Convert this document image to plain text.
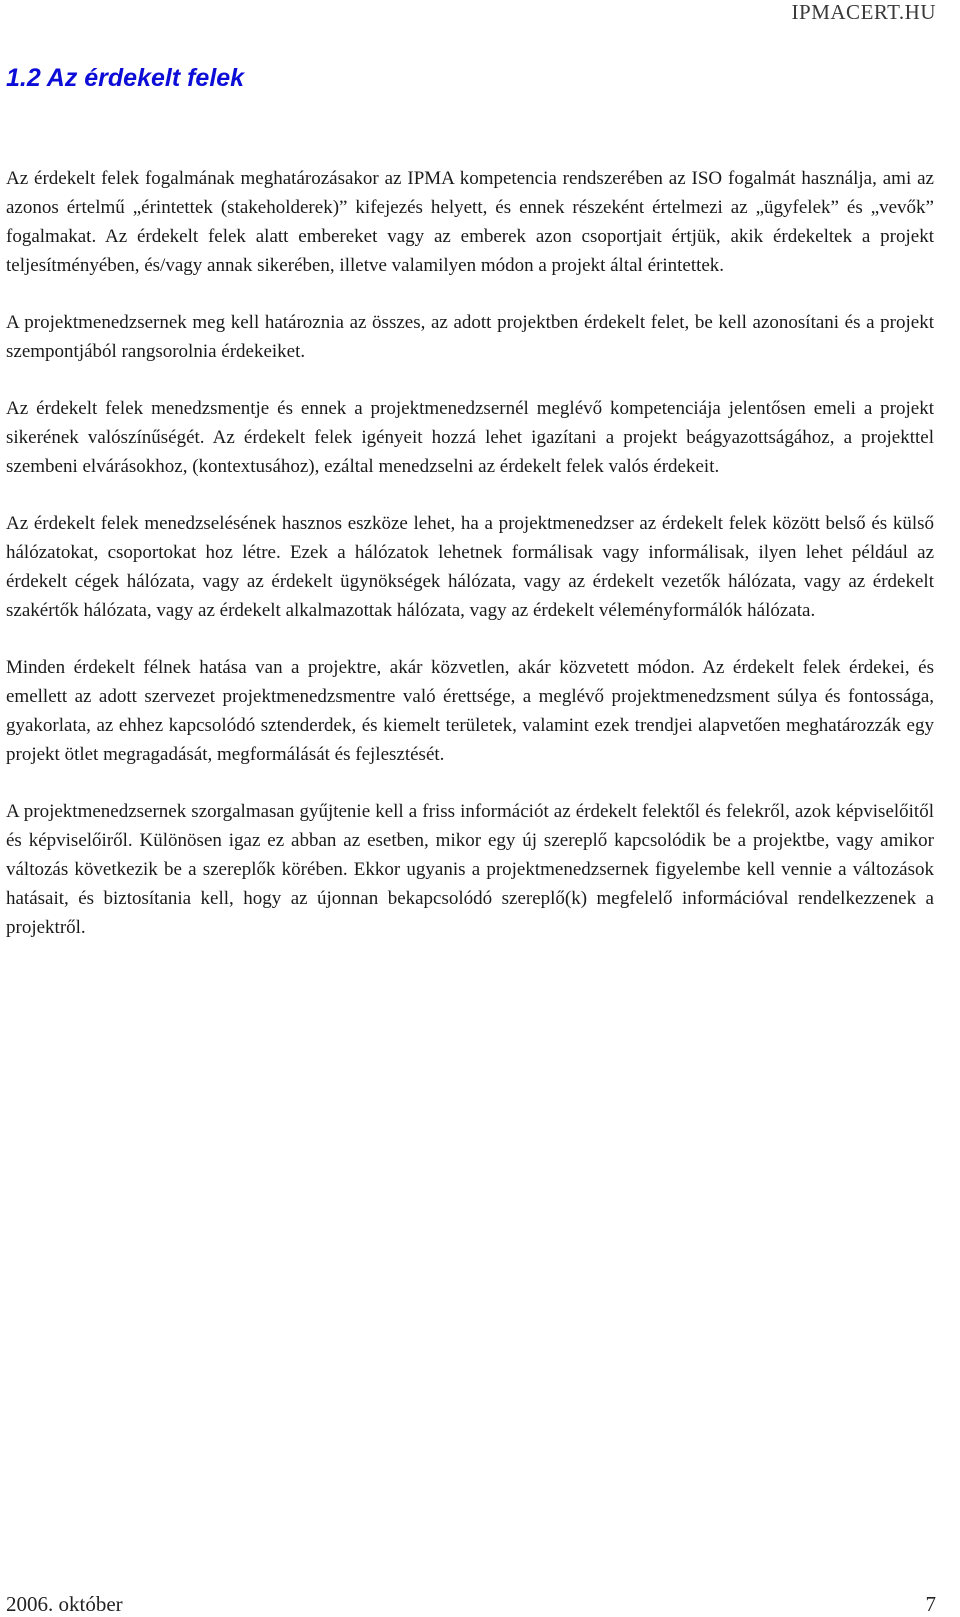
IPMACERT.HU
1.2 Az érdekelt felek

Az érdekelt felek fogalmának meghatározásakor az IPMA kompetencia rendszerében az ISO fogalmát használja, ami az azonos értelmű „érintettek (stakeholderek)” kifejezés helyett, és ennek részeként értelmezi az „ügyfelek” és „vevők” fogalmakat. Az érdekelt felek alatt embereket vagy az emberek azon csoportjait értjük, akik érdekeltek a projekt teljesítményében, és/vagy annak sikerében, illetve valamilyen módon a projekt által érintettek.

A projektmenedzsernek meg kell határoznia az összes, az adott projektben érdekelt felet, be kell azonosítani és a projekt szempontjából rangsorolnia érdekeiket.

Az érdekelt felek menedzsmentje és ennek a projektmenedzsernél meglévő kompetenciája jelentősen emeli a projekt sikerének valószínűségét. Az érdekelt felek igényeit hozzá lehet igazítani a projekt beágyazottságához, a projekttel szembeni elvárásokhoz, (kontextusához), ezáltal menedzselni az érdekelt felek valós érdekeit.

Az érdekelt felek menedzselésének hasznos eszköze lehet, ha a projektmenedzser az érdekelt felek között belső és külső hálózatokat, csoportokat hoz létre. Ezek a hálózatok lehetnek formálisak vagy informálisak, ilyen lehet például az érdekelt cégek hálózata, vagy az érdekelt ügynökségek hálózata, vagy az érdekelt vezetők hálózata, vagy az érdekelt szakértők hálózata, vagy az érdekelt alkalmazottak hálózata, vagy az érdekelt véleményformálók hálózata.

Minden érdekelt félnek hatása van a projektre, akár közvetlen, akár közvetett módon. Az érdekelt felek érdekei, és emellett az adott szervezet projektmenedzsmentre való érettsége, a meglévő projektmenedzsment súlya és fontossága, gyakorlata, az ehhez kapcsolódó sztenderdek, és kiemelt területek, valamint ezek trendjei alapvetően meghatározzák egy projekt ötlet megragadását, megformálását és fejlesztését.

A projektmenedzsernek szorgalmasan gyűjtenie kell a friss információt az érdekelt felektől és felekről, azok képviselőitől és képviselőiről. Különösen igaz ez abban az esetben, mikor egy új szereplő kapcsolódik be a projektbe, vagy amikor változás következik be a szereplők körében. Ekkor ugyanis a projektmenedzsernek figyelembe kell vennie a változások hatásait, és biztosítania kell, hogy az újonnan bekapcsolódó szereplő(k) megfelelő információval rendelkezzenek a projektről.

2006. október	7
